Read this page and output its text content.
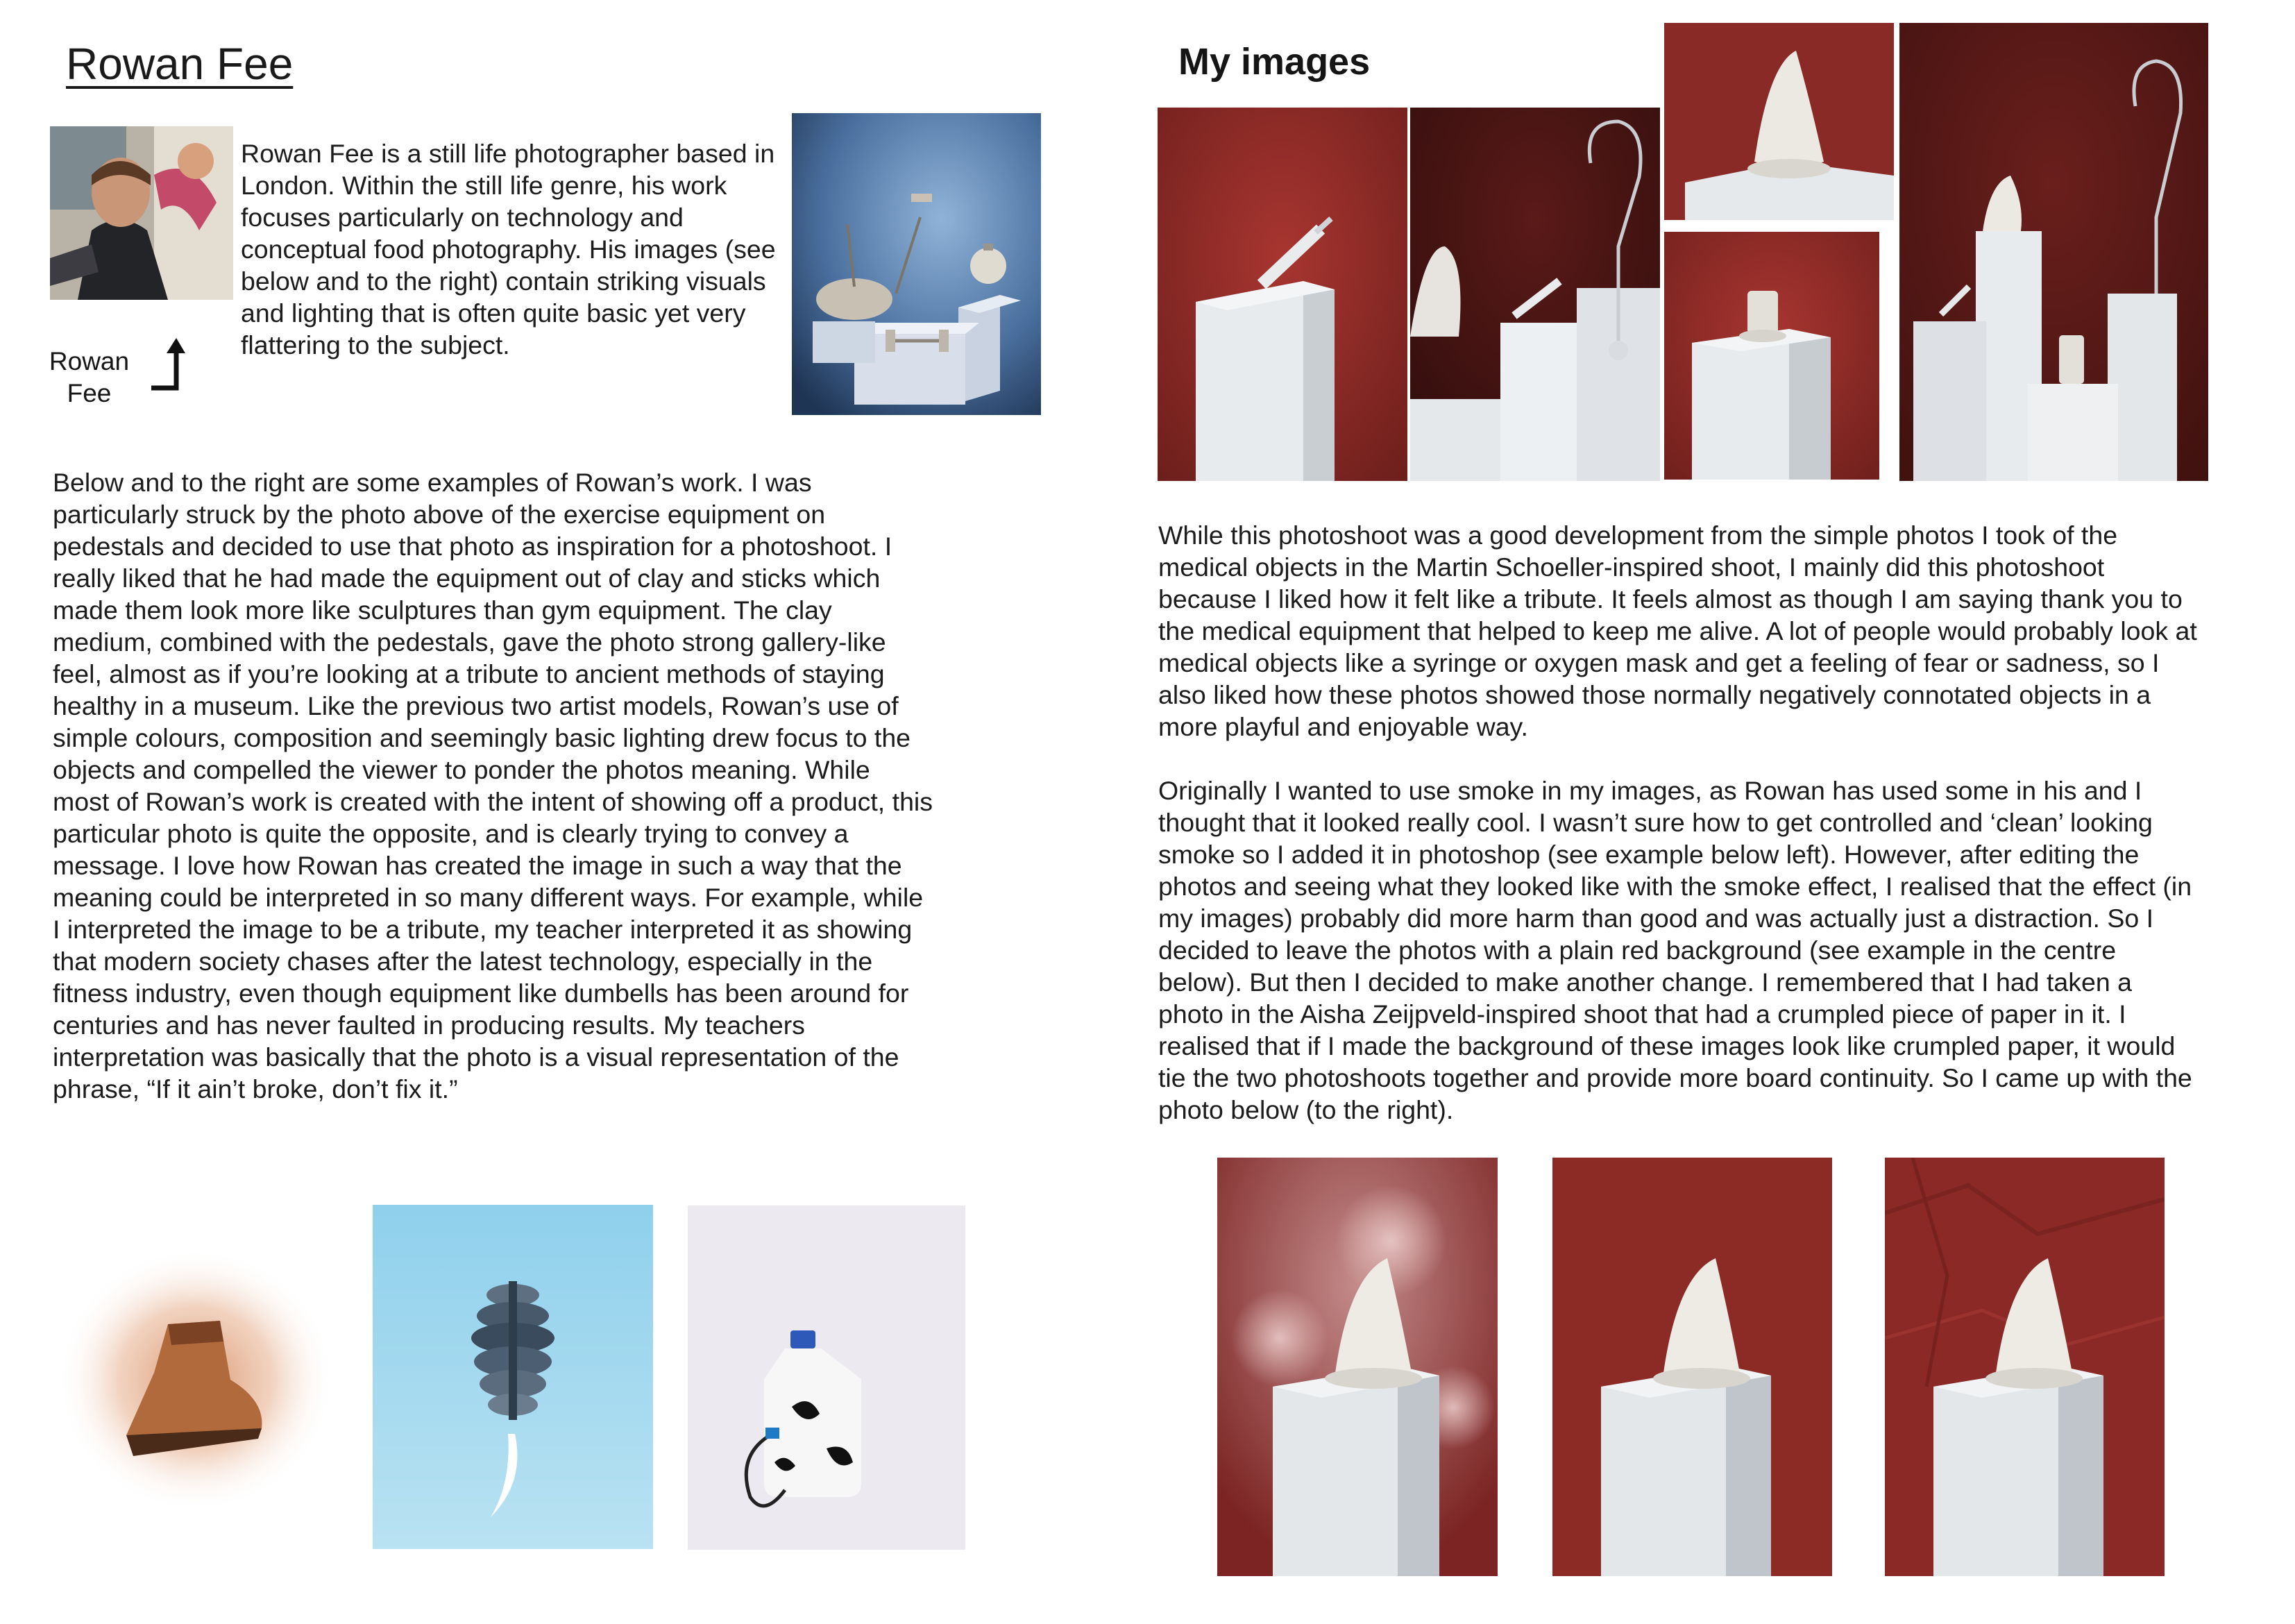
Rowan Fee
Rowan Fee is a still life photographer based in London. Within the still life genre, his work focuses particularly on technology and conceptual food photography. His images (see below and to the right) contain striking visuals and lighting that is often quite basic yet very flattering to the subject.
Rowan
Fee
Below and to the right are some examples of Rowan’s work. I was particularly struck by the photo above of the exercise equipment on pedestals and decided to use that photo as inspiration for a photoshoot. I really liked that he had made the equipment out of clay and sticks which made them look more like sculptures than gym equipment. The clay medium, combined with the pedestals, gave the photo strong gallery-like feel, almost as if you’re looking at a tribute to ancient methods of staying healthy in a museum. Like the previous two artist models, Rowan’s use of simple colours, composition and seemingly basic lighting drew focus to the objects and compelled the viewer to ponder the photos meaning. While most of Rowan’s work is created with the intent of showing off a product, this particular photo is quite the opposite, and is clearly trying to convey a message. I love how Rowan has created the image in such a way that the meaning could be interpreted in so many different ways. For example, while I interpreted the image to be a tribute, my teacher interpreted it as showing that modern society chases after the latest technology, especially in the fitness industry, even though equipment like dumbells has been around for centuries and has never faulted in producing results. My teachers interpretation was basically that the photo is a visual representation of the phrase, “If it ain’t broke, don’t fix it.”
My images
While this photoshoot was a good development from the simple photos I took of the medical objects in the Martin Schoeller-inspired shoot, I mainly did this photoshoot because I liked how it felt like a tribute. It feels almost as though I am saying thank you to the medical equipment that helped to keep me alive. A lot of people would probably look at medical objects like a syringe or oxygen mask and get a feeling of fear or sadness, so I also liked how these photos showed those normally negatively connotated objects in a more playful and enjoyable way.
Originally I wanted to use smoke in my images, as Rowan has used some in his and I thought that it looked really cool. I wasn’t sure how to get controlled and ‘clean’ looking smoke so I added it in photoshop (see example below left). However, after editing the photos and seeing what they looked like with the smoke effect, I realised that the effect (in my images) probably did more harm than good and was actually just a distraction. So I decided to leave the photos with a plain red background (see example in the centre below). But then I decided to make another change. I remembered that I had taken a photo in the Aisha Zeijpveld-inspired shoot that had a crumpled piece of paper in it. I realised that if I made the background of these images look like crumpled paper, it would tie the two photoshoots together and provide more board continuity. So I came up with the photo below (to the right).
